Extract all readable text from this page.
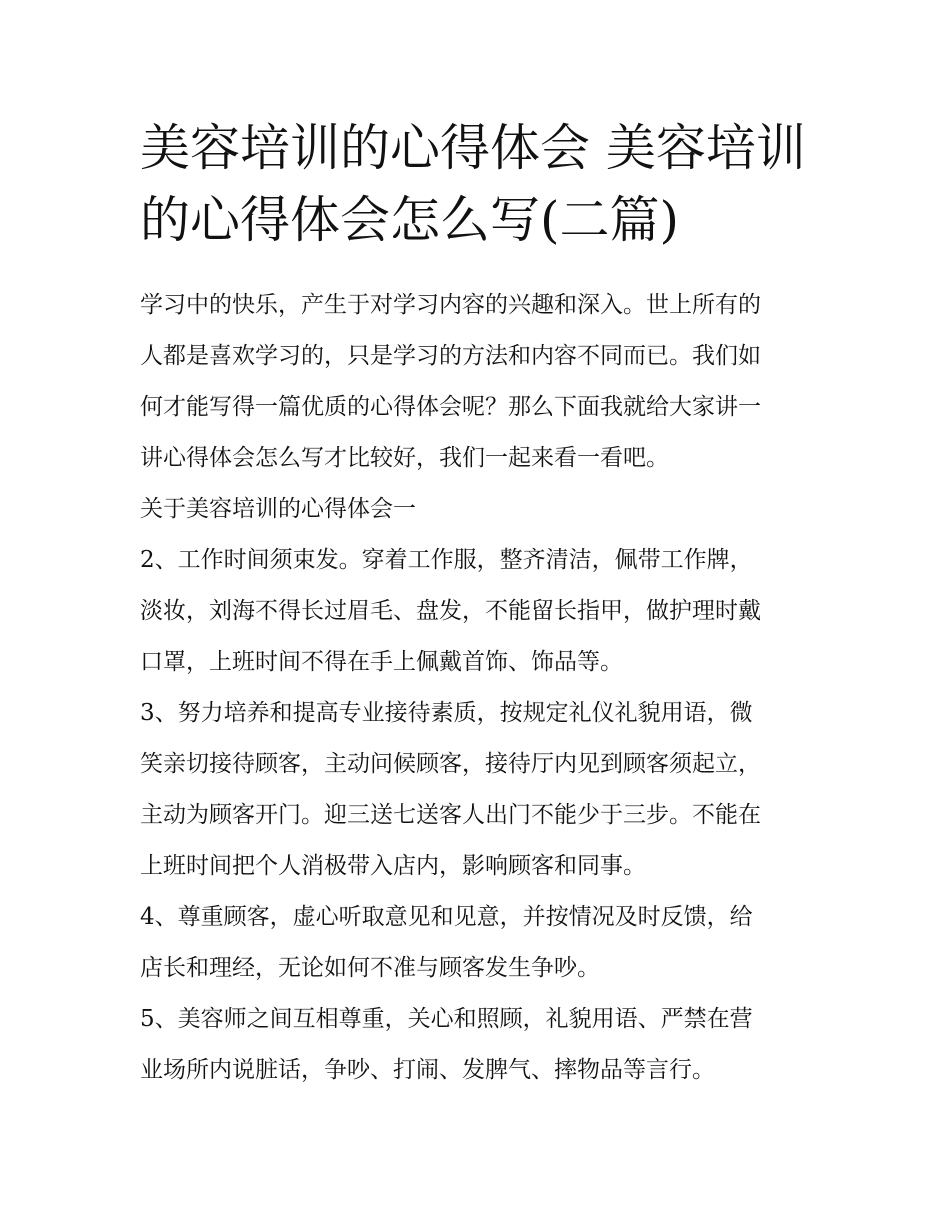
美容培训的心得体会 美容培训
的心得体会怎么写(二篇)
学习中的快乐，产生于对学习内容的兴趣和深入。世上所有的
人都是喜欢学习的，只是学习的方法和内容不同而已。我们如
何才能写得一篇优质的心得体会呢？那么下面我就给大家讲一
讲心得体会怎么写才比较好，我们一起来看一看吧。
关于美容培训的心得体会一
2、工作时间须束发。穿着工作服，整齐清洁，佩带工作牌，
淡妆，刘海不得长过眉毛、盘发，不能留长指甲，做护理时戴
口罩，上班时间不得在手上佩戴首饰、饰品等。
3、努力培养和提高专业接待素质，按规定礼仪礼貌用语，微
笑亲切接待顾客，主动问候顾客，接待厅内见到顾客须起立，
主动为顾客开门。迎三送七送客人出门不能少于三步。不能在
上班时间把个人消极带入店内，影响顾客和同事。
4、尊重顾客，虚心听取意见和见意，并按情况及时反馈，给
店长和理经，无论如何不准与顾客发生争吵。
5、美容师之间互相尊重，关心和照顾，礼貌用语、严禁在营
业场所内说脏话，争吵、打闹、发脾气、摔物品等言行。
